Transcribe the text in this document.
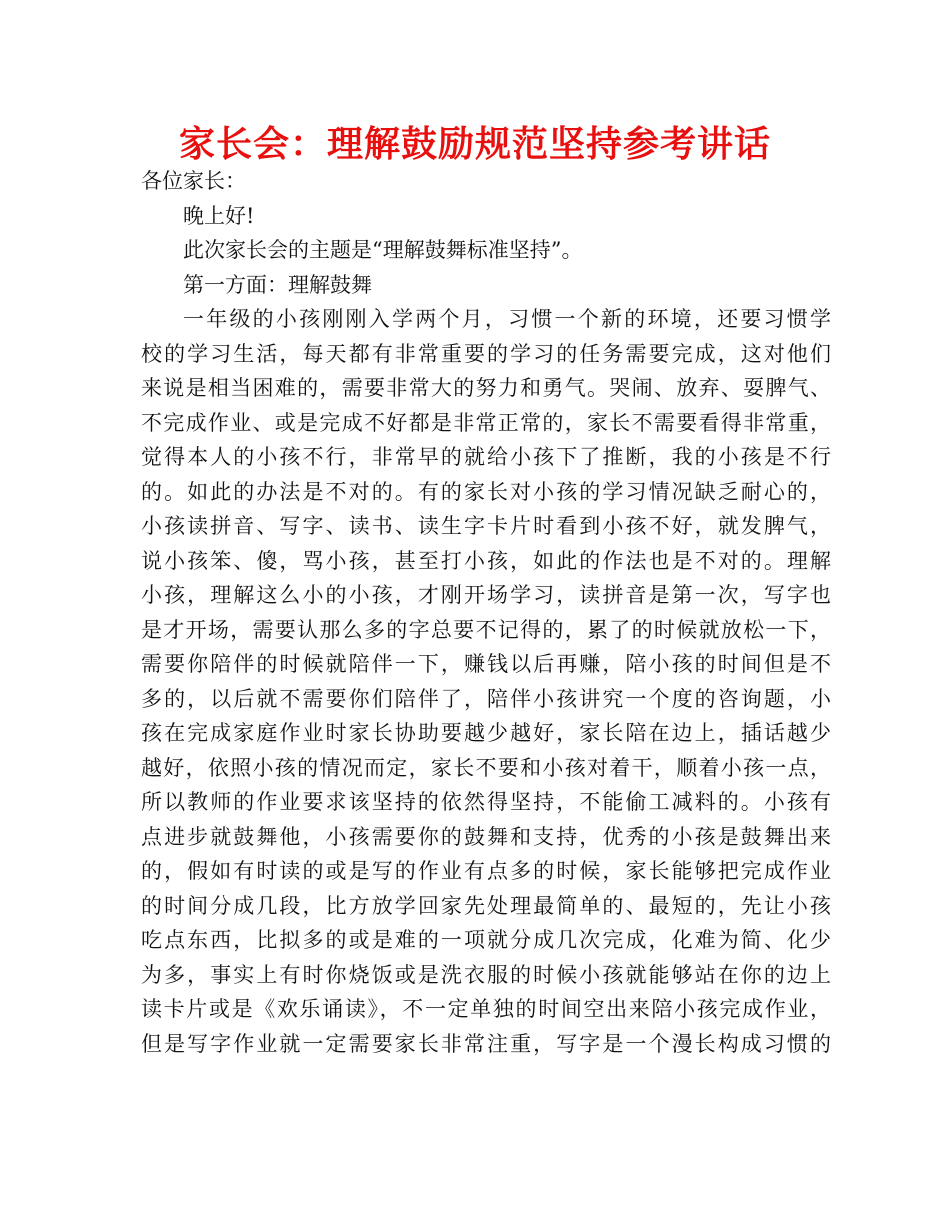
家长会：理解鼓励规范坚持参考讲话
各位家长：
晚上好!
此次家长会的主题是“理解鼓舞标准坚持”。
第一方面：理解鼓舞
一年级的小孩刚刚入学两个月，习惯一个新的环境，还要习惯学
校的学习生活，每天都有非常重要的学习的任务需要完成，这对他们
来说是相当困难的，需要非常大的努力和勇气。哭闹、放弃、耍脾气、
不完成作业、或是完成不好都是非常正常的，家长不需要看得非常重，
觉得本人的小孩不行，非常早的就给小孩下了推断，我的小孩是不行
的。如此的办法是不对的。有的家长对小孩的学习情况缺乏耐心的，
小孩读拼音、写字、读书、读生字卡片时看到小孩不好，就发脾气，
说小孩笨、傻，骂小孩，甚至打小孩，如此的作法也是不对的。理解
小孩，理解这么小的小孩，才刚开场学习，读拼音是第一次，写字也
是才开场，需要认那么多的字总要不记得的，累了的时候就放松一下，
需要你陪伴的时候就陪伴一下，赚钱以后再赚，陪小孩的时间但是不
多的，以后就不需要你们陪伴了，陪伴小孩讲究一个度的咨询题，小
孩在完成家庭作业时家长协助要越少越好，家长陪在边上，插话越少
越好，依照小孩的情况而定，家长不要和小孩对着干，顺着小孩一点，
所以教师的作业要求该坚持的依然得坚持，不能偷工减料的。小孩有
点进步就鼓舞他，小孩需要你的鼓舞和支持，优秀的小孩是鼓舞出来
的，假如有时读的或是写的作业有点多的时候，家长能够把完成作业
的时间分成几段，比方放学回家先处理最简单的、最短的，先让小孩
吃点东西，比拟多的或是难的一项就分成几次完成，化难为简、化少
为多，事实上有时你烧饭或是洗衣服的时候小孩就能够站在你的边上
读卡片或是《欢乐诵读》，不一定单独的时间空出来陪小孩完成作业，
但是写字作业就一定需要家长非常注重，写字是一个漫长构成习惯的
